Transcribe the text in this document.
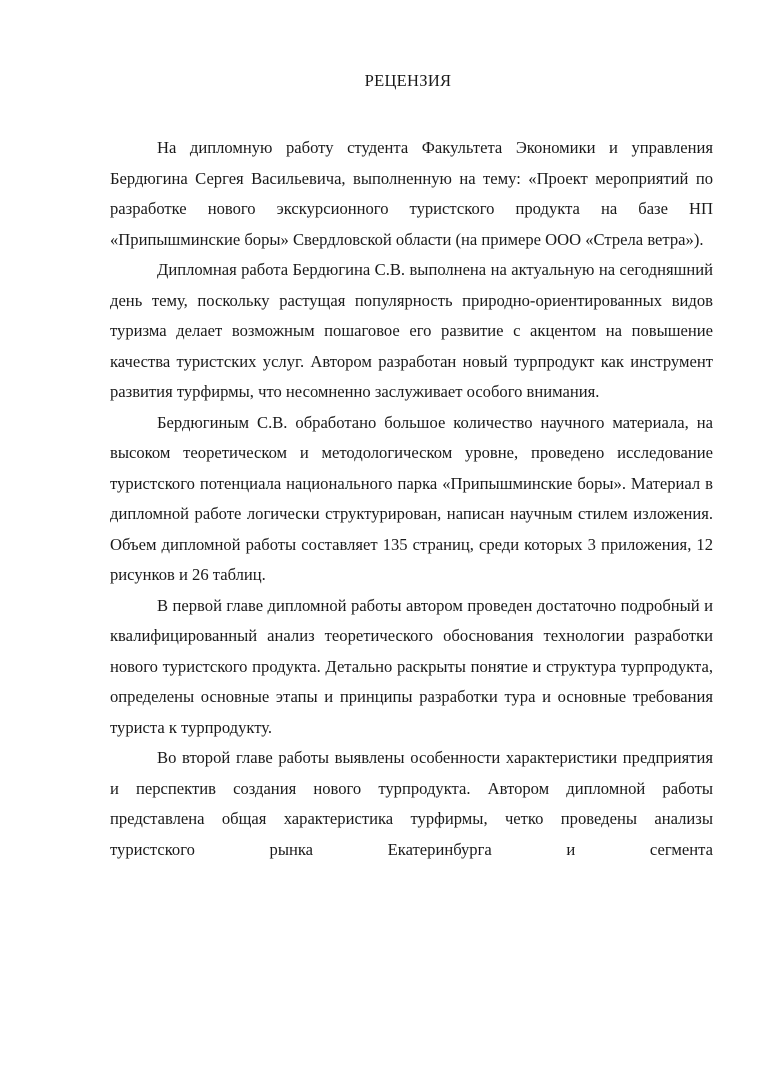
РЕЦЕНЗИЯ

На дипломную работу студента Факультета Экономики и управления Бердюгина Сергея Васильевича, выполненную на тему: «Проект мероприятий по разработке нового экскурсионного туристского продукта на базе НП «Припышминские боры» Свердловской области (на примере ООО «Стрела ветра»).

Дипломная работа Бердюгина С.В. выполнена на актуальную на сегодняшний день тему, поскольку растущая популярность природно-ориентированных видов туризма делает возможным пошаговое его развитие с акцентом на повышение качества туристских услуг. Автором разработан новый турпродукт как инструмент развития турфирмы, что несомненно заслуживает особого внимания.

Бердюгиным С.В. обработано большое количество научного материала, на высоком теоретическом и методологическом уровне, проведено исследование туристского потенциала национального парка «Припышминские боры». Материал в дипломной работе логически структурирован, написан научным стилем изложения. Объем дипломной работы составляет 135 страниц, среди которых 3 приложения, 12 рисунков и 26 таблиц.

В первой главе дипломной работы автором проведен достаточно подробный и квалифицированный анализ теоретического обоснования технологии разработки нового туристского продукта. Детально раскрыты понятие и структура турпродукта, определены основные этапы и принципы разработки тура и основные требования туриста к турпродукту.

Во второй главе работы выявлены особенности характеристики предприятия и перспектив создания нового турпродукта. Автором дипломной работы представлена общая характеристика турфирмы, четко проведены анализы туристского рынка Екатеринбурга и сегмента
